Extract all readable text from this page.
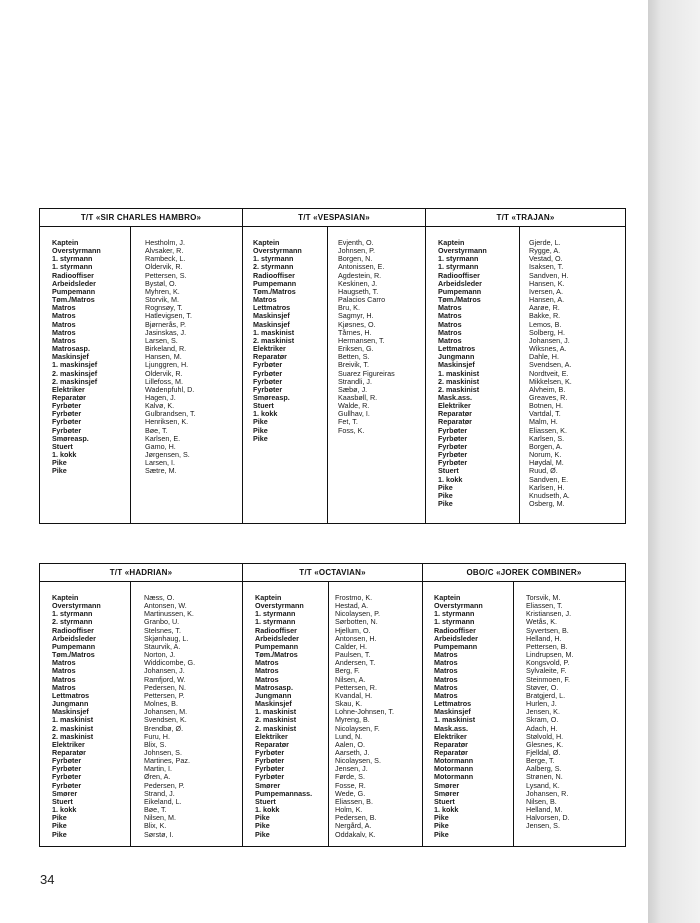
T/T «SIR CHARLES HAMBRO»
Kaptein
Overstyrmann
1. styrmann
1. styrmann
Radiooffiser
Arbeidsleder
Pumpemann
Tøm./Matros
Matros
Matros
Matros
Matros
Matros
Matrosasp.
Maskinsjef
1. maskinsjef
2. maskinsjef
2. maskinsjef
Elektriker
Reparatør
Fyrbøter
Fyrbøter
Fyrbøter
Fyrbøter
Smøreasp.
Stuert
1. kokk
Pike
Pike
Hestholm, J.
Alvsaker, R.
Rambeck, L.
Oldervik, R.
Pettersen, S.
Bystøl, O.
Myhren, K.
Storvik, M.
Rognsøy, T.
Hatlevigsen, T.
Bjørnerås, P.
Jasinskas, J.
Larsen, S.
Birkeland, R.
Hansen, M.
Ljunggren, H.
Oldervik, R.
Lillefoss, M.
Wadenpfuhl, D.
Hagen, J.
Kalvø, K.
Gulbrandsen, T.
Henriksen, K.
Bøe, T.
Karlsen, E.
Gamo, H.
Jørgensen, S.
Larsen, I.
Sætre, M.
T/T «VESPASIAN»
Kaptein
Overstyrmann
1. styrmann
2. styrmann
Radiooffiser
Pumpemann
Tøm./Matros
Matros
Lettmatros
Maskinsjef
Maskinsjef
1. maskinist
2. maskinist
Elektriker
Reparatør
Fyrbøter
Fyrbøter
Fyrbøter
Fyrbøter
Smøreasp.
Stuert
1. kokk
Pike
Pike
Pike
Evjenth, O.
Johnsen, P.
Borgen, N.
Antonissen, E.
Agdestein, R.
Keskinen, J.
Haugseth, T.
Palacios Carro
Bru, K.
Sagmyr, H.
Kjøsnes, O.
Tårnes, H.
Hermansen, T.
Eriksen, G.
Betten, S.
Breivik, T.
Suarez Figureiras
Strandli, J.
Sæbø, J.
Kaasbøll, R.
Walde, R.
Gullhav, I.
Fet, T.
Foss, K.
T/T «TRAJAN»
Kaptein
Overstyrmann
1. styrmann
1. styrmann
Radiooffiser
Arbeidsleder
Pumpemann
Tøm./Matros
Matros
Matros
Matros
Matros
Matros
Lettmatros
Jungmann
Maskinsjef
1. maskinist
2. maskinist
2. maskinist
Mask.ass.
Elektriker
Reparatør
Reparatør
Fyrbøter
Fyrbøter
Fyrbøter
Fyrbøter
Fyrbøter
Stuert
1. kokk
Pike
Pike
Pike
Gjerde, L.
Rygge, A.
Vestad, O.
Isaksen, T.
Sandven, H.
Hansen, K.
Iversen, A.
Hansen, A.
Aarøe, R.
Bakke, R.
Lemos, B.
Solberg, H.
Johansen, J.
Wiksnes, A.
Dahle, H.
Svendsen, A.
Nordtveit, E.
Mikkelsen, K.
Alvheim, B.
Greaves, R.
Botnen, H.
Vartdal, T.
Malm, H.
Eliassen, K.
Karlsen, S.
Borgen, A.
Norum, K.
Høydal, M.
Ruud, Ø.
Sandven, E.
Karlsen, H.
Knudseth, A.
Osberg, M.
T/T «HADRIAN»
Kaptein
Overstyrmann
1. styrmann
2. styrmann
Radiooffiser
Arbeidsleder
Pumpemann
Tøm./Matros
Matros
Matros
Matros
Matros
Lettmatros
Jungmann
Maskinsjef
1. maskinist
2. maskinist
2. maskinist
Elektriker
Reparatør
Fyrbøter
Fyrbøter
Fyrbøter
Fyrbøter
Smører
Stuert
1. kokk
Pike
Pike
Pike
Næss, O.
Antonsen, W.
Martinussen, K.
Granbo, U.
Stelsnes, T.
Skjønhaug, L.
Staurvik, A.
Norton, J.
Widdicombe, G.
Johansen, J.
Ramfjord, W.
Pedersen, N.
Pettersen, P.
Molnes, B.
Johansen, M.
Svendsen, K.
Brendbø, Ø.
Furu, H.
Blix, S.
Johnsen, S.
Martines, Paz.
Martin, I.
Øren, A.
Pedersen, P.
Strand, J.
Eikeland, L.
Bøe, T.
Nilsen, M.
Blix, K.
Sørstø, I.
T/T «OCTAVIAN»
Kaptein
Overstyrmann
1. styrmann
1. styrmann
Radiooffiser
Arbeidsleder
Pumpemann
Tøm./Matros
Matros
Matros
Matros
Matrosasp.
Jungmann
Maskinsjef
1. maskinist
2. maskinist
2. maskinist
Elektriker
Reparatør
Fyrbøter
Fyrbøter
Fyrbøter
Fyrbøter
Smører
Pumpemannass.
Stuert
1. kokk
Pike
Pike
Pike
Frostmo, K.
Hestad, A.
Nicolaysen, P.
Sørbotten, N.
Hjellum, O.
Antonsen, H.
Calder, H.
Paulsen, T.
Andersen, T.
Berg, F.
Nilsen, A.
Pettersen, R.
Kvandal, H.
Skau, K.
Lohne-Johnsen, T.
Myreng, B.
Nicolaysen, F.
Lund, N.
Aalen, O.
Aarseth, J.
Nicolaysen, S.
Jensen, J.
Førde, S.
Fosse, R.
Wede, G.
Eliassen, B.
Holm, K.
Pedersen, B.
Nergård, A.
Oddakalv, K.
OBO/C «JOREK COMBINER»
Kaptein
Overstyrmann
1. styrmann
1. styrmann
Radiooffiser
Arbeidsleder
Pumpemann
Matros
Matros
Matros
Matros
Matros
Matros
Lettmatros
Maskinsjef
1. maskinist
Mask.ass.
Elektriker
Reparatør
Reparatør
Motormann
Motormann
Motormann
Smører
Smører
Stuert
1. kokk
Pike
Pike
Pike
Torsvik, M.
Eliassen, T.
Kristiansen, J.
Wetås, K.
Syvertsen, B.
Helland, H.
Pettersen, B.
Lindrupsen, M.
Kongsvold, P.
Sylvaleite, F.
Steinmoen, F.
Støver, O.
Bratgjerd, L.
Hurlen, J.
Jensen, K.
Skram, O.
Adach, H.
Stølvold, H.
Glesnes, K.
Fjelldal, Ø.
Berge, T.
Aalberg, S.
Strønen, N.
Lysand, K.
Johansen, R.
Nilsen, B.
Helland, M.
Halvorsen, D.
Jensen, S.
34
